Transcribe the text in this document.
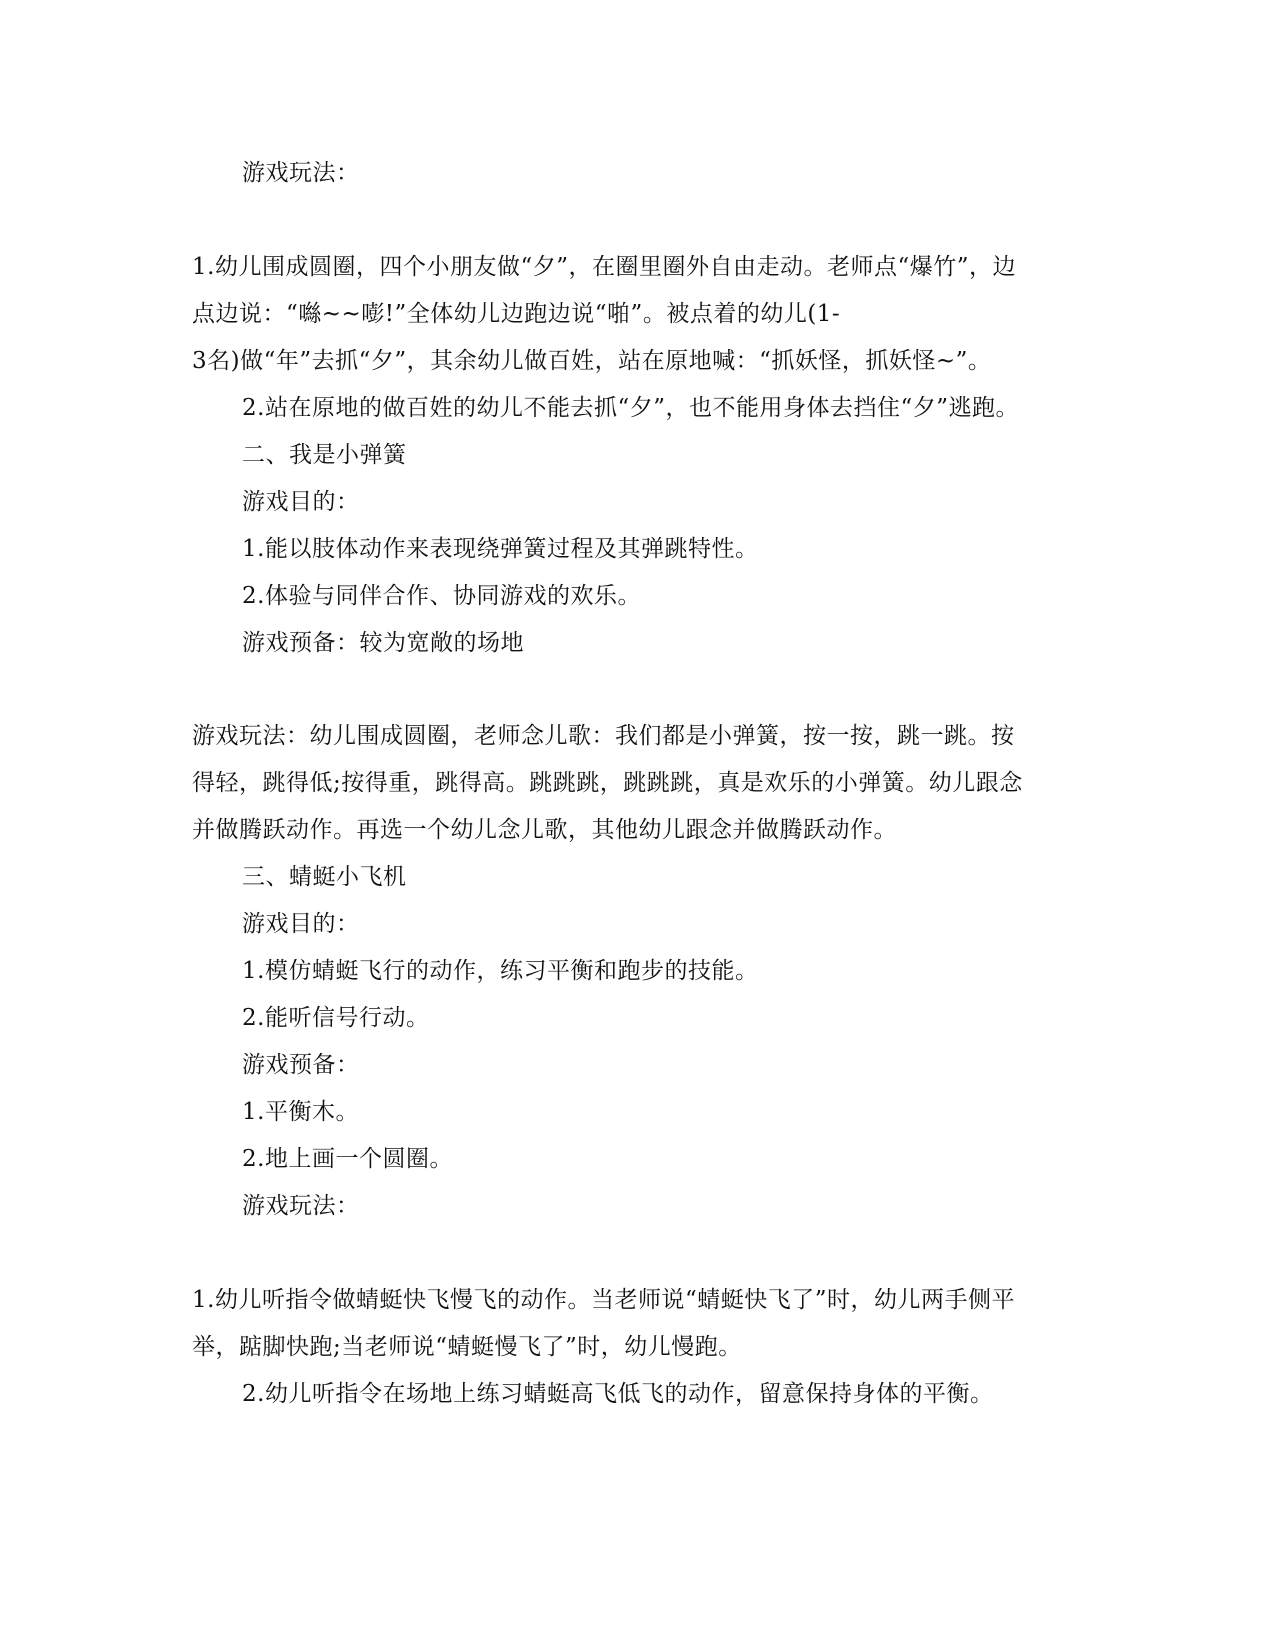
游戏玩法：
1.幼儿围成圆圈，四个小朋友做“夕”，在圈里圈外自由走动。老师点“爆竹”，边
点边说：“噝~~嘭!”全体幼儿边跑边说“啪”。被点着的幼儿(1-
3名)做“年”去抓“夕”，其余幼儿做百姓，站在原地喊：“抓妖怪，抓妖怪~”。
2.站在原地的做百姓的幼儿不能去抓“夕”，也不能用身体去挡住“夕”逃跑。
二、我是小弹簧
游戏目的：
1.能以肢体动作来表现绕弹簧过程及其弹跳特性。
2.体验与同伴合作、协同游戏的欢乐。
游戏预备：较为宽敞的场地
游戏玩法：幼儿围成圆圈，老师念儿歌：我们都是小弹簧，按一按，跳一跳。按
得轻，跳得低;按得重，跳得高。跳跳跳，跳跳跳，真是欢乐的小弹簧。幼儿跟念
并做腾跃动作。再选一个幼儿念儿歌，其他幼儿跟念并做腾跃动作。
三、蜻蜓小飞机
游戏目的：
1.模仿蜻蜓飞行的动作，练习平衡和跑步的技能。
2.能听信号行动。
游戏预备：
1.平衡木。
2.地上画一个圆圈。
游戏玩法：
1.幼儿听指令做蜻蜓快飞慢飞的动作。当老师说“蜻蜓快飞了”时，幼儿两手侧平
举，踮脚快跑;当老师说“蜻蜓慢飞了”时，幼儿慢跑。
2.幼儿听指令在场地上练习蜻蜓高飞低飞的动作，留意保持身体的平衡。
